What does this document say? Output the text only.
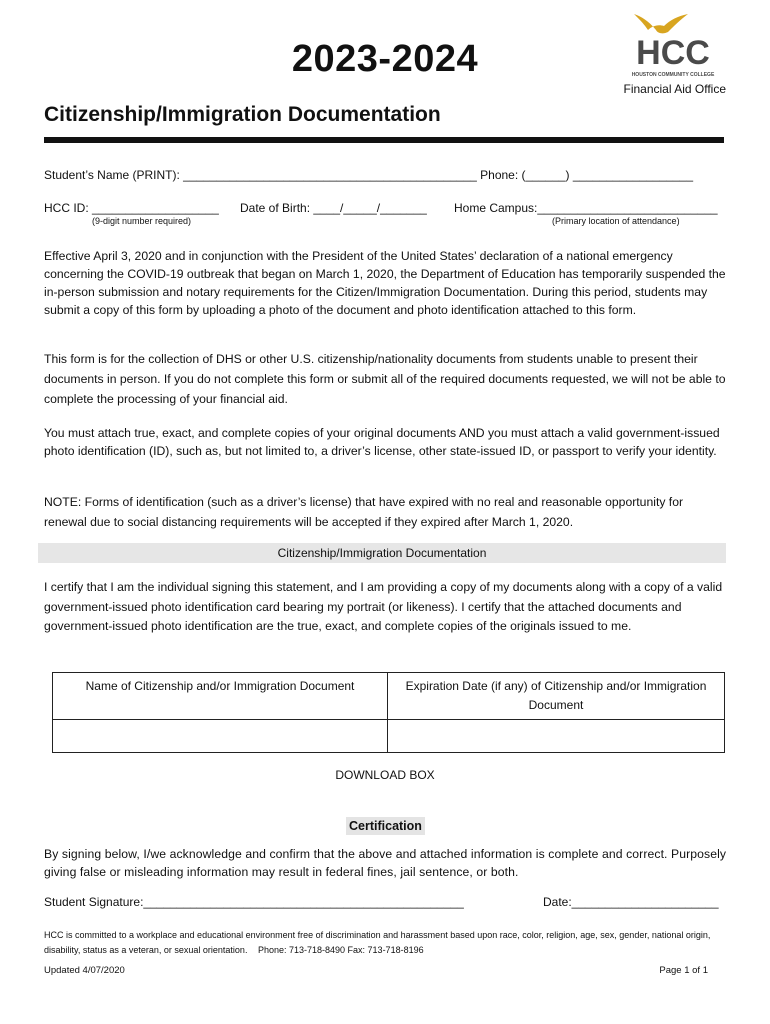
2023-2024	HCC
HOUSTON COMMUNITY COLLEGE
Financial Aid Office
Citizenship/Immigration Documentation
Student’s Name (PRINT): ____________________________________________ Phone: (______) __________________
HCC ID: ___________________
(9-digit number required)
Date of Birth: ____/_____/_______ Home Campus:___________________________
(Primary location of attendance)
Effective April 3, 2020 and in conjunction with the President of the United States’ declaration of a national emergency concerning the COVID-19 outbreak that began on March 1, 2020, the Department of Education has temporarily suspended the in-person submission and notary requirements for the Citizen/Immigration Documentation. During this period, students may submit a copy of this form by uploading a photo of the document and photo identification attached to this form.
This form is for the collection of DHS or other U.S. citizenship/nationality documents from students unable to present their documents in person. If you do not complete this form or submit all of the required documents requested, we will not be able to complete the processing of your financial aid.
You must attach true, exact, and complete copies of your original documents AND you must attach a valid government-issued photo identification (ID), such as, but not limited to, a driver’s license, other state-issued ID, or passport to verify your identity.
NOTE: Forms of identification (such as a driver’s license) that have expired with no real and reasonable opportunity for renewal due to social distancing requirements will be accepted if they expired after March 1, 2020.
Citizenship/Immigration Documentation
I certify that I am the individual signing this statement, and I am providing a copy of my documents along with a copy of a valid government-issued photo identification card bearing my portrait (or likeness). I certify that the attached documents and government-issued photo identification are the true, exact, and complete copies of the originals issued to me.
Name of Citizenship and/or Immigration Document	Expiration Date (if any) of Citizenship and/or Immigration Document

DOWNLOAD BOX
Certification
By signing below, I/we acknowledge and confirm that the above and attached information is complete and correct. Purposely giving false or misleading information may result in federal fines, jail sentence, or both.
Student Signature:________________________________________________	Date:______________________
HCC is committed to a workplace and educational environment free of discrimination and harassment based upon race, color, religion, age, sex, gender, national origin, disability, status as a veteran, or sexual orientation. Phone: 713-718-8490 Fax: 713-718-8196
Updated 4/07/2020	Page 1 of 1
